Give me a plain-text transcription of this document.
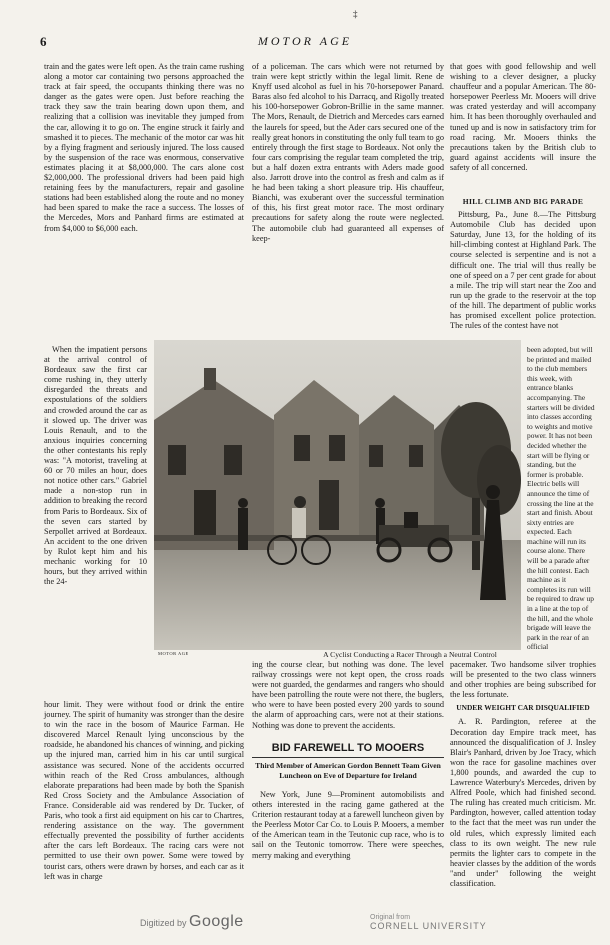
‡
6	MOTOR AGE

train and the gates were left open. As the train came rushing along a motor car containing two persons approached the track at fair speed, the occupants thinking there was no danger as the gates were open. Just before reaching the track they saw the train bearing down upon them, and realizing that a collision was inevitable they jumped from the car, allowing it to go on. The engine struck it fairly and smashed it to pieces. The mechanic of the motor car was hit by a flying fragment and seriously injured. The loss caused by the suspension of the race was enormous, conservative estimates placing it at $8,000,000. The cars alone cost $2,000,000. The professional drivers had been paid high retaining fees by the manufacturers, repair and gasoline stations had been established along the route and no money had been spared to make the race a success. The losses of the Mercedes, Mors and Panhard firms are estimated at from $4,000 to $6,000 each.

of a policeman. The cars which were not returned by train were kept strictly within the legal limit. Rene de Knyff used alcohol as fuel in his 70-horsepower Panard. Baras also fed alcohol to his Darracq, and Rigolly treated his 100-horsepower Gobron-Brillie in the same manner. The Mors, Renault, de Dietrich and Mercedes cars earned the laurels for speed, but the Ader cars secured one of the really great honors in constituting the only full team to go entirely through the first stage to Bordeaux. Not only the four cars comprising the regular team completed the trip, but a half dozen extra entrants with Aders made good also. Jarrott drove into the control as fresh and calm as if he had been taking a short pleasure trip. His chauffeur, Bianchi, was exuberant over the successful termination of this, his first great motor race. The most ordinary precautions for safety along the route were neglected. The automobile club had guaranteed all expenses of keep-

that goes with good fellowship and well wishing to a clever designer, a plucky chauffeur and a popular American. The 80-horsepower Peerless Mr. Mooers will drive was crated yesterday and will accompany him. It has been thoroughly overhauled and tuned up and is now in satisfactory trim for road racing. Mr. Mooers thinks the precautions taken by the British club to guard against accidents will insure the safety of all concerned.

HILL CLIMB AND BIG PARADE

Pittsburg, Pa., June 8.—The Pittsburg Automobile Club has decided upon Saturday, June 13, for the holding of its hill-climbing contest at Highland Park. The course selected is serpentine and is not a difficult one. The trial will thus really be one of speed on a 7 per cent grade for about a mile. The trip will start near the Zoo and run up the grade to the reservoir at the top of the hill. The department of public works has promised excellent police protection. The rules of the contest have not

When the impatient persons at the arrival control of Bordeaux saw the first car come rushing in, they utterly disregarded the threats and expostulations of the soldiers and crowded around the car as it slowed up. The driver was Louis Renault, and to the anxious inquiries concerning the other contestants his reply was: "A motorist, traveling at 60 or 70 miles an hour, does not notice other cars." Gabriel made a non-stop run in addition to breaking the record from Paris to Bordeaux. Six of the seven cars started by Serpollet arrived at Bordeaux. An accident to the one driven by Rulot kept him and his mechanic working for 10 hours, but they arrived within the 24-

MOTOR AGE	A Cyclist Conducting a Racer Through a Neutral Control

been adopted, but will be printed and mailed to the club members this week, with entrance blanks accompanying. The starters will be divided into classes according to weights and motive power. It has not been decided whether the start will be flying or standing, but the former is probable. Electric bells will announce the time of crossing the line at the start and finish. About sixty entries are expected. Each machine will run its course alone. There will be a parade after the hill contest. Each machine as it completes its run will be required to draw up in a line at the top of the hill, and the whole brigade will leave the park in the rear of an official

hour limit. They were without food or drink the entire journey. The spirit of humanity was stronger than the desire to win the race in the bosom of Maurice Farman. He discovered Marcel Renault lying unconscious by the roadside, he abandoned his chances of winning, and picking up the injured man, carried him in his car until surgical assistance was secured. None of the accidents occurred within reach of the Red Cross ambulances, although elaborate preparations had been made by both the Spanish Red Cross Society and the Ambulance Association of France. Considerable aid was rendered by Dr. Tucker, of Paris, who took a first aid equipment on his car to Chartres, rendering assistance on the way. The government effectually prevented the possibility of further accidents after the cars left Bordeaux. The racing cars were not permitted to use their own power. Some were towed by tourist cars, others were drawn by horses, and each car as it left was in charge

ing the course clear, but nothing was done. The level railway crossings were not kept open, the cross roads were not guarded, the gendarmes and rangers who should have been patrolling the route were not there, the buglers, who were to have been posted every 200 yards to sound the alarm of approaching cars, were not at their stations. Nothing was done to prevent the accidents.

BID FAREWELL TO MOOERS
Third Member of American Gordon Bennett Team Given Luncheon on Eve of Departure for Ireland

New York, June 9—Prominent automobilists and others interested in the racing game gathered at the Criterion restaurant today at a farewell luncheon given by the Peerless Motor Car Co. to Louis P. Mooers, a member of the American team in the Teutonic cup race, who is to sail on the Teutonic tomorrow. There were speeches, merry making and everything

pacemaker. Two handsome silver trophies will be presented to the two class winners and other trophies are being subscribed for the less fortunate.

UNDER WEIGHT CAR DISQUALIFIED

A. R. Pardington, referee at the Decoration day Empire track meet, has announced the disqualification of J. Insley Blair's Panhard, driven by Joe Tracy, which won the race for gasoline machines over 1,800 pounds, and awarded the cup to Lawrence Waterbury's Mercedes, driven by Alfred Poole, which had finished second. The ruling has created much criticism. Mr. Pardington, however, called attention today to the fact that the meet was run under the old rules, which expressly limited each class to its own weight. The new rule permits the lighter cars to compete in the heavier classes by the addition of the words "and under" following the weight classification.

Digitized by Google	Original from
CORNELL UNIVERSITY
